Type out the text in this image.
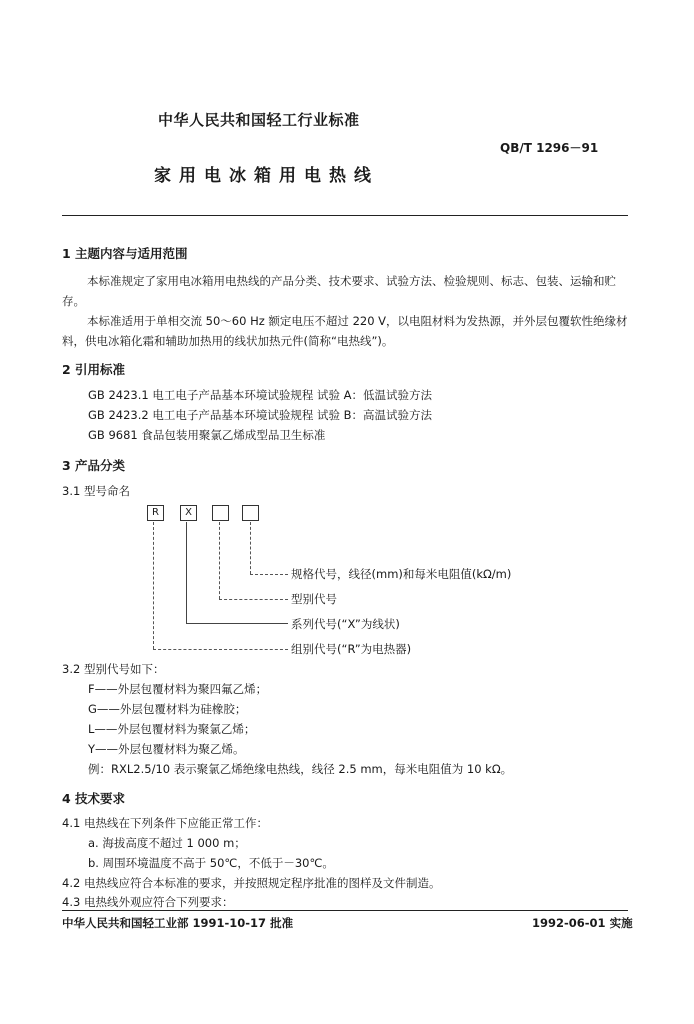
中华人民共和国轻工行业标准
QB/T 1296－91
家用电冰箱用电热线
1 主题内容与适用范围
本标准规定了家用电冰箱用电热线的产品分类、技术要求、试验方法、检验规则、标志、包装、运输和贮存。
本标准适用于单相交流 50～60 Hz 额定电压不超过 220 V，以电阻材料为发热源，并外层包覆软性绝缘材料，供电冰箱化霜和辅助加热用的线状加热元件(简称“电热线”)。
2 引用标准
GB 2423.1 电工电子产品基本环境试验规程 试验 A：低温试验方法
GB 2423.2 电工电子产品基本环境试验规程 试验 B：高温试验方法
GB 9681 食品包装用聚氯乙烯成型品卫生标准
3 产品分类
3.1 型号命名
R	X
规格代号，线径(mm)和每米电阻值(kΩ/m)
型别代号
系列代号(“X”为线状)
组别代号(“R”为电热器)
3.2 型别代号如下：
F——外层包覆材料为聚四氟乙烯；
G——外层包覆材料为硅橡胶；
L——外层包覆材料为聚氯乙烯；
Y——外层包覆材料为聚乙烯。
例：RXL2.5/10 表示聚氯乙烯绝缘电热线，线径 2.5 mm，每米电阻值为 10 kΩ。
4 技术要求
4.1 电热线在下列条件下应能正常工作：
a. 海拔高度不超过 1 000 m；
b. 周围环境温度不高于 50℃，不低于－30℃。
4.2 电热线应符合本标准的要求，并按照规定程序批准的图样及文件制造。
4.3 电热线外观应符合下列要求：
中华人民共和国轻工业部 1991-10-17 批准	1992-06-01 实施
